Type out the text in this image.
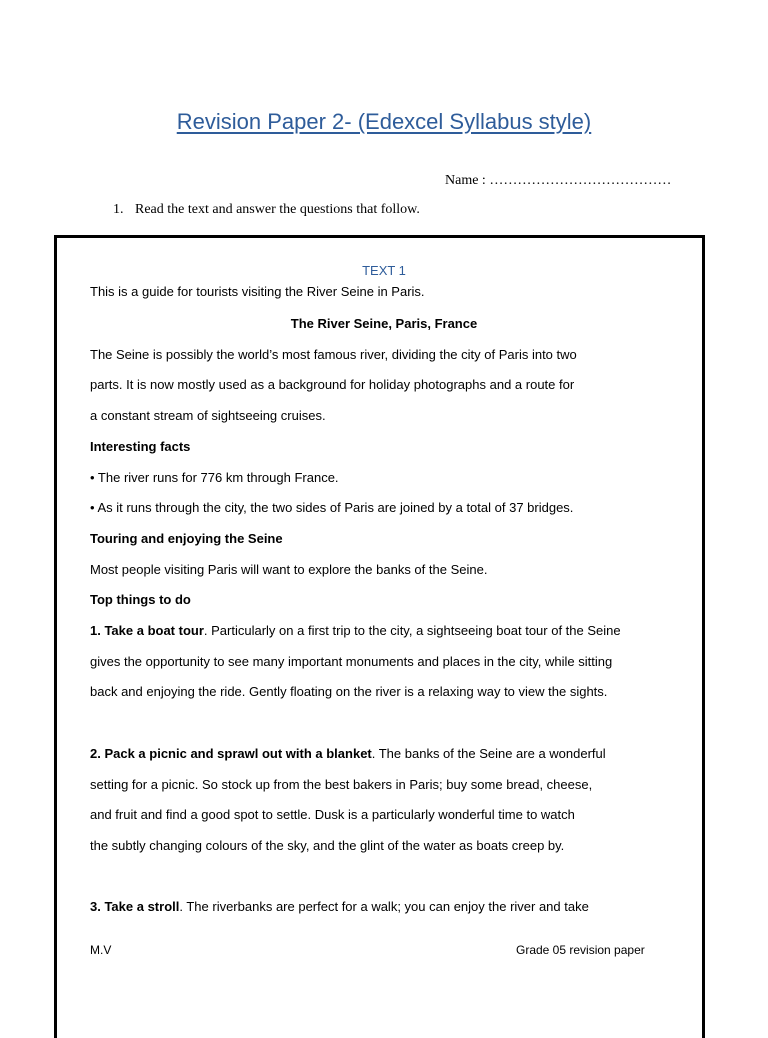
Revision Paper 2- (Edexcel Syllabus style)
Name : …………………………………
1. Read the text and answer the questions that follow.

TEXT 1

This is a guide for tourists visiting the River Seine in Paris.

The River Seine, Paris, France

The Seine is possibly the world’s most famous river, dividing the city of Paris into two

parts. It is now mostly used as a background for holiday photographs and a route for

a constant stream of sightseeing cruises.

Interesting facts

• The river runs for 776 km through France.

• As it runs through the city, the two sides of Paris are joined by a total of 37 bridges.

Touring and enjoying the Seine

Most people visiting Paris will want to explore the banks of the Seine.

Top things to do

1. Take a boat tour. Particularly on a first trip to the city, a sightseeing boat tour of the Seine

gives the opportunity to see many important monuments and places in the city, while sitting

back and enjoying the ride. Gently floating on the river is a relaxing way to view the sights.

2. Pack a picnic and sprawl out with a blanket. The banks of the Seine are a wonderful

setting for a picnic. So stock up from the best bakers in Paris; buy some bread, cheese,

and fruit and find a good spot to settle. Dusk is a particularly wonderful time to watch

the subtly changing colours of the sky, and the glint of the water as boats creep by.

3. Take a stroll. The riverbanks are perfect for a walk; you can enjoy the river and take

M.V	Grade 05 revision paper
